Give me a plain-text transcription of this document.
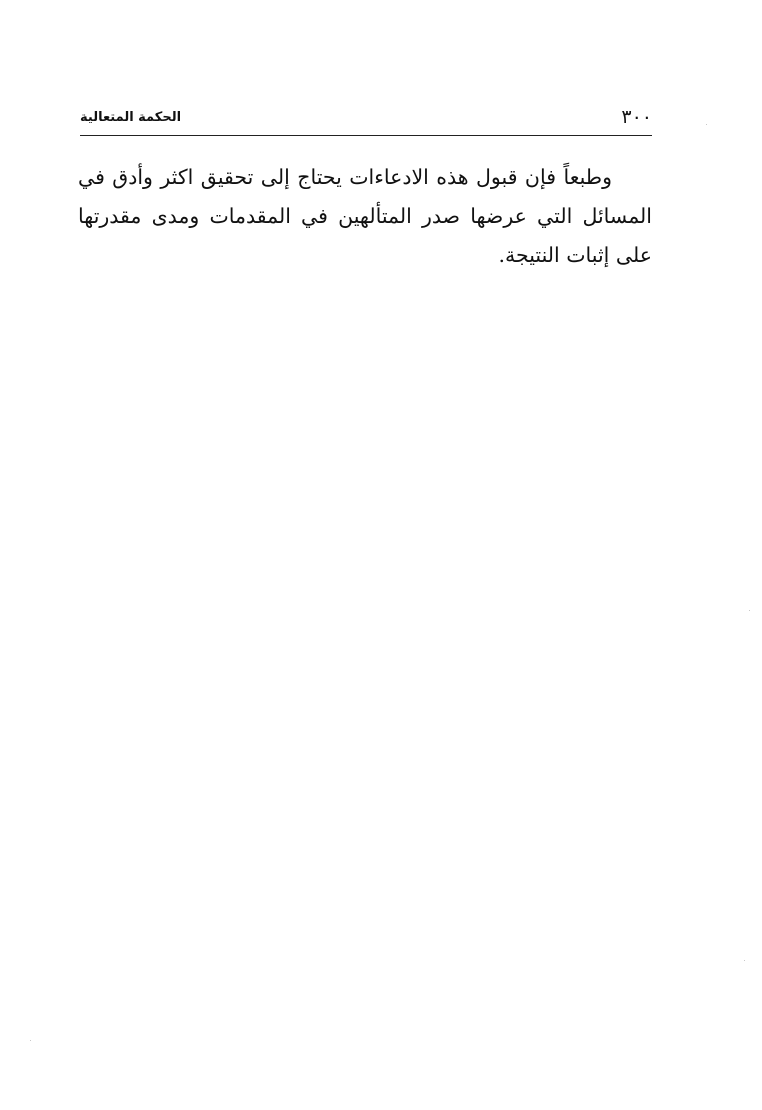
الحكمة المتعالية	٣٠٠

وطبعاً فإن قبول هذه الادعاءات يحتاج إلى تحقيق اكثر وأدق في المسائل التي عرضها صدر المتألهين في المقدمات ومدى مقدرتها على إثبات النتيجة.
